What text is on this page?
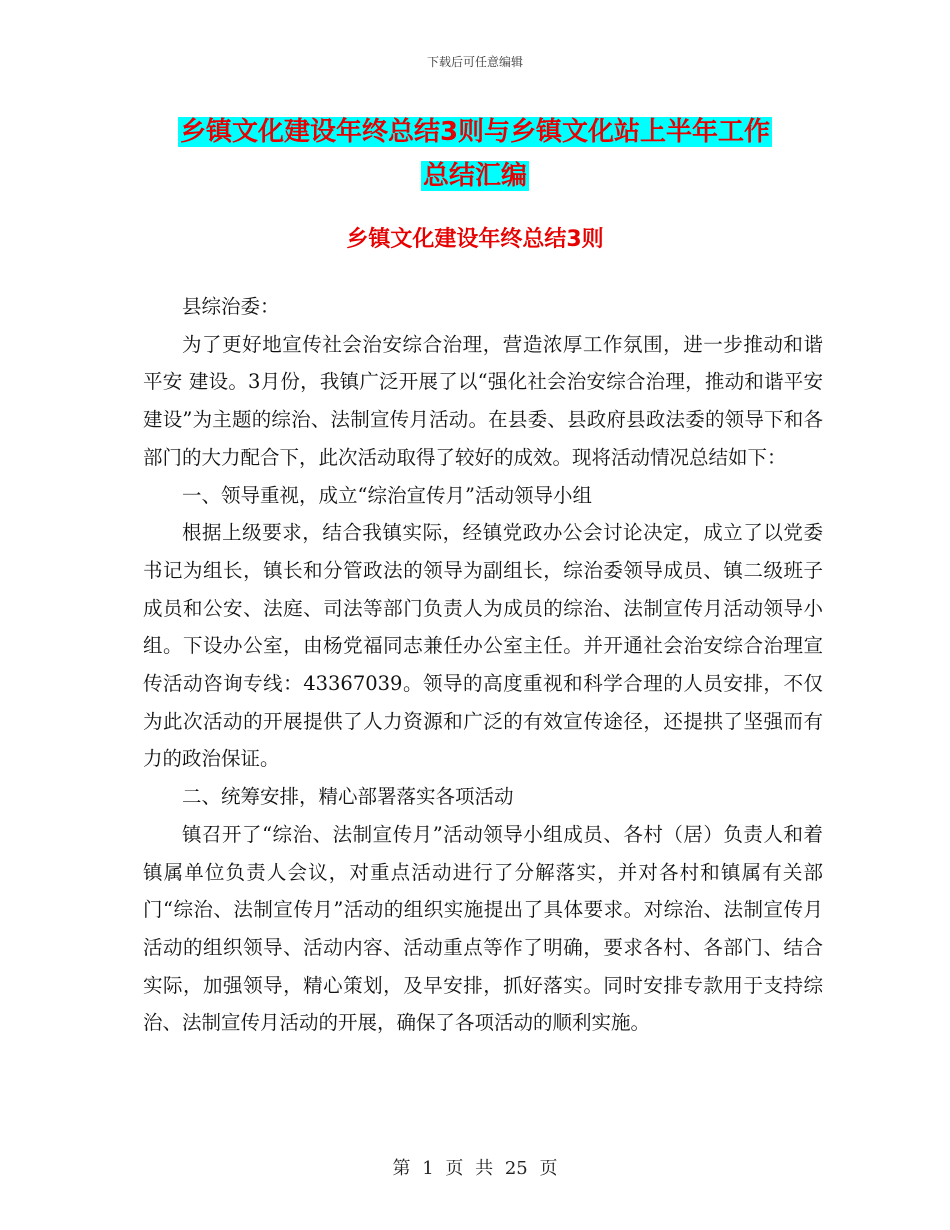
下载后可任意编辑
乡镇文化建设年终总结3则与乡镇文化站上半年工作
总结汇编
乡镇文化建设年终总结3则

县综治委：

为了更好地宣传社会治安综合治理，营造浓厚工作氛围，进一步推动和谐平安 建设。3月份，我镇广泛开展了以“强化社会治安综合治理，推动和谐平安 建设”为主题的综治、法制宣传月活动。在县委、县政府县政法委的领导下和各部门的大力配合下，此次活动取得了较好的成效。现将活动情况总结如下：

一、领导重视，成立“综治宣传月”活动领导小组

根据上级要求，结合我镇实际，经镇党政办公会讨论决定，成立了以党委书记为组长，镇长和分管政法的领导为副组长，综治委领导成员、镇二级班子成员和公安、法庭、司法等部门负责人为成员的综治、法制宣传月活动领导小组。下设办公室，由杨党福同志兼任办公室主任。并开通社会治安综合治理宣传活动咨询专线：43367039。领导的高度重视和科学合理的人员安排，不仅为此次活动的开展提供了人力资源和广泛的有效宣传途径，还提拱了坚强而有力的政治保证。

二、统筹安排，精心部署落实各项活动

镇召开了“综治、法制宣传月”活动领导小组成员、各村（居）负责人和着镇属单位负责人会议，对重点活动进行了分解落实，并对各村和镇属有关部门“综治、法制宣传月”活动的组织实施提出了具体要求。对综治、法制宣传月活动的组织领导、活动内容、活动重点等作了明确，要求各村、各部门、结合实际，加强领导，精心策划，及早安排，抓好落实。同时安排专款用于支持综治、法制宣传月活动的开展，确保了各项活动的顺利实施。

第 1 页 共 25 页
